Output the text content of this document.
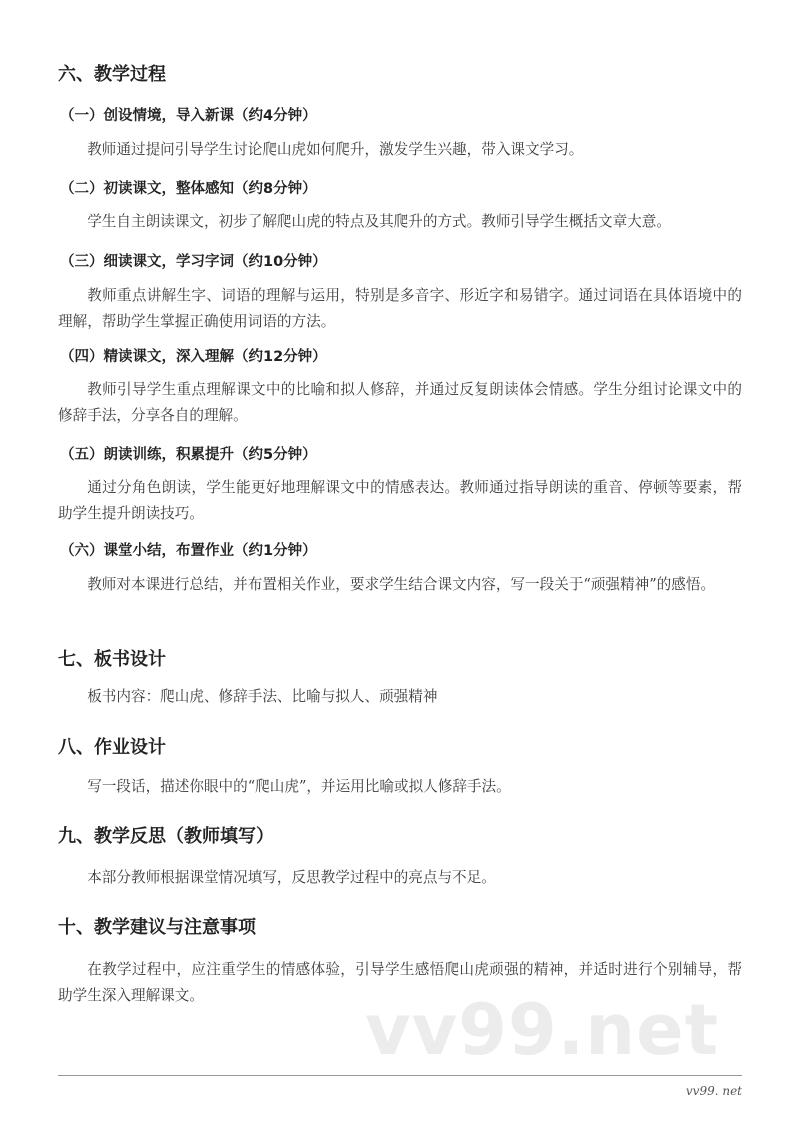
vv99.net
六、教学过程
（一）创设情境，导入新课（约4分钟）
教师通过提问引导学生讨论爬山虎如何爬升，激发学生兴趣，带入课文学习。
（二）初读课文，整体感知（约8分钟）
学生自主朗读课文，初步了解爬山虎的特点及其爬升的方式。教师引导学生概括文章大意。
（三）细读课文，学习字词（约10分钟）
教师重点讲解生字、词语的理解与运用，特别是多音字、形近字和易错字。通过词语在具体语境中的理解，帮助学生掌握正确使用词语的方法。
（四）精读课文，深入理解（约12分钟）
教师引导学生重点理解课文中的比喻和拟人修辞，并通过反复朗读体会情感。学生分组讨论课文中的修辞手法，分享各自的理解。
（五）朗读训练，积累提升（约5分钟）
通过分角色朗读，学生能更好地理解课文中的情感表达。教师通过指导朗读的重音、停顿等要素，帮助学生提升朗读技巧。
（六）课堂小结，布置作业（约1分钟）
教师对本课进行总结，并布置相关作业，要求学生结合课文内容，写一段关于“顽强精神”的感悟。
七、板书设计
板书内容：爬山虎、修辞手法、比喻与拟人、顽强精神
八、作业设计
写一段话，描述你眼中的“爬山虎”，并运用比喻或拟人修辞手法。
九、教学反思（教师填写）
本部分教师根据课堂情况填写，反思教学过程中的亮点与不足。
十、教学建议与注意事项
在教学过程中，应注重学生的情感体验，引导学生感悟爬山虎顽强的精神，并适时进行个别辅导，帮助学生深入理解课文。
vv99. net
